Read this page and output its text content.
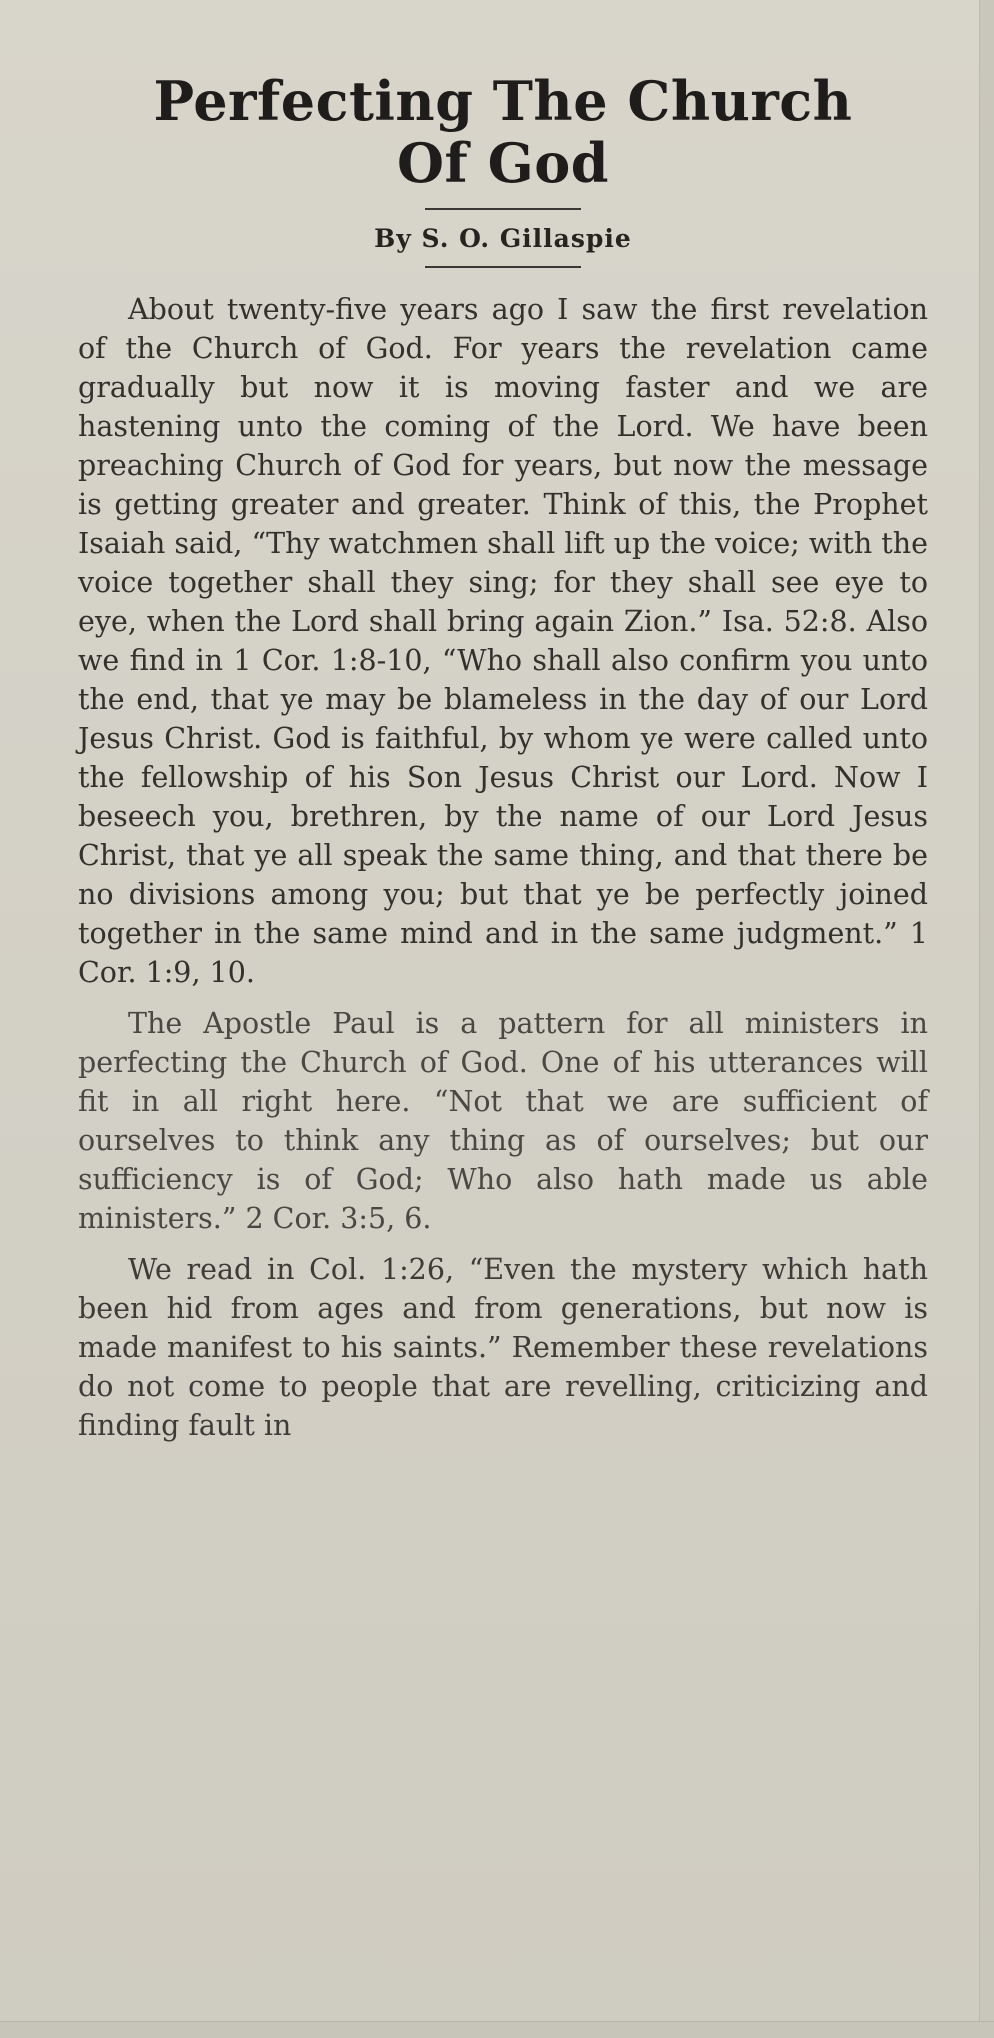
Perfecting The Church
Of God
By S. O. Gillaspie

About twenty-five years ago I saw the first revelation of the Church of God. For years the revelation came gradually but now it is moving faster and we are hastening unto the coming of the Lord. We have been preaching Church of God for years, but now the message is getting greater and greater. Think of this, the Prophet Isaiah said, “Thy watchmen shall lift up the voice; with the voice together shall they sing; for they shall see eye to eye, when the Lord shall bring again Zion.” Isa. 52:8. Also we find in 1 Cor. 1:8-10, “Who shall also confirm you unto the end, that ye may be blameless in the day of our Lord Jesus Christ. God is faithful, by whom ye were called unto the fellowship of his Son Jesus Christ our Lord. Now I beseech you, brethren, by the name of our Lord Jesus Christ, that ye all speak the same thing, and that there be no divisions among you; but that ye be perfectly joined together in the same mind and in the same judgment.” 1 Cor. 1:9, 10.

The Apostle Paul is a pattern for all ministers in perfecting the Church of God. One of his utterances will fit in all right here. “Not that we are sufficient of ourselves to think any thing as of ourselves; but our sufficiency is of God; Who also hath made us able ministers.” 2 Cor. 3:5, 6.

We read in Col. 1:26, “Even the mystery which hath been hid from ages and from generations, but now is made manifest to his saints.” Remember these revelations do not come to people that are revelling, criticizing and finding fault in
